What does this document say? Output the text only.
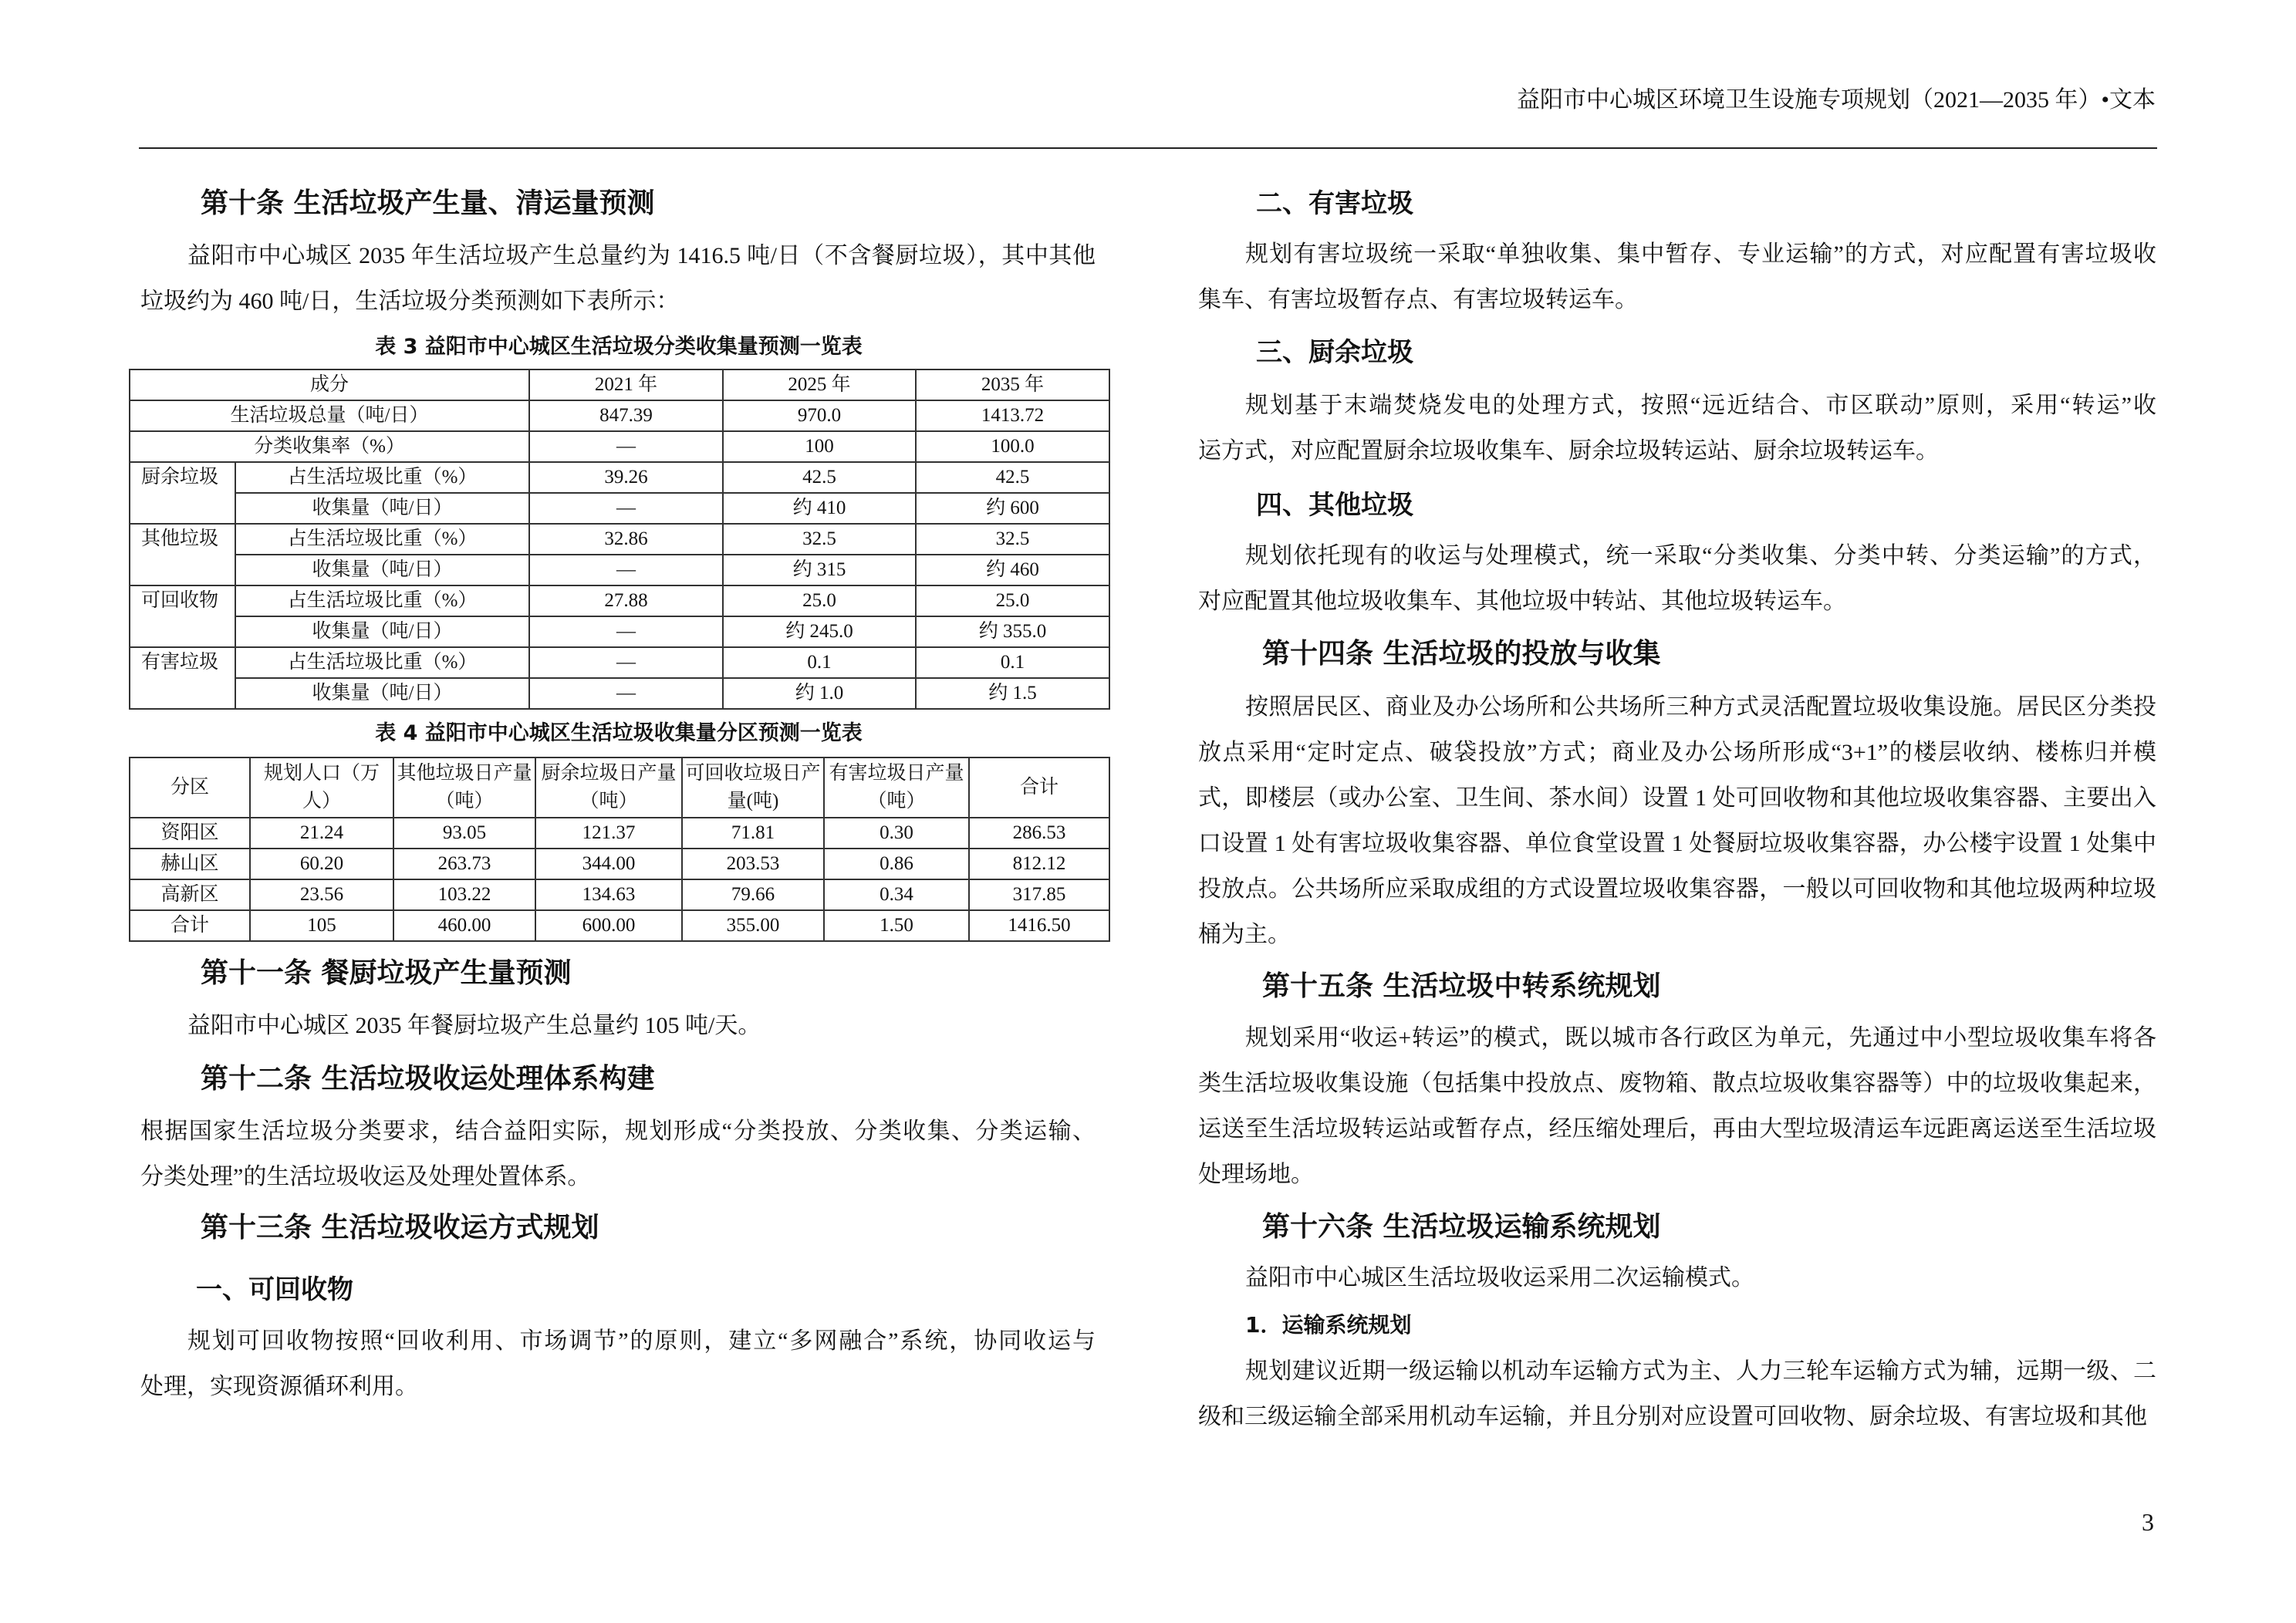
益阳市中心城区环境卫生设施专项规划（2021—2035 年）•文本
第十条 生活垃圾产生量、清运量预测
益阳市中心城区 2035 年生活垃圾产生总量约为 1416.5 吨/日（不含餐厨垃圾），其中其他
垃圾约为 460 吨/日，生活垃圾分类预测如下表所示：
表 3 益阳市中心城区生活垃圾分类收集量预测一览表
成分		2021 年	2025 年	2035 年
生活垃圾总量（吨/日）		847.39	970.0	1413.72
分类收集率（%）		—	100	100.0
厨余垃圾	占生活垃圾比重（%）	39.26	42.5	42.5
	收集量（吨/日）	—	约 410	约 600
其他垃圾	占生活垃圾比重（%）	32.86	32.5	32.5
	收集量（吨/日）	—	约 315	约 460
可回收物	占生活垃圾比重（%）	27.88	25.0	25.0
	收集量（吨/日）	—	约 245.0	约 355.0
有害垃圾	占生活垃圾比重（%）	—	0.1	0.1
	收集量（吨/日）	—	约 1.0	约 1.5
表 4 益阳市中心城区生活垃圾收集量分区预测一览表
分区	规划人口（万人）	其他垃圾日产量（吨）	厨余垃圾日产量（吨）	可回收垃圾日产量(吨)	有害垃圾日产量（吨）	合计
资阳区	21.24	93.05	121.37	71.81	0.30	286.53
赫山区	60.20	263.73	344.00	203.53	0.86	812.12
高新区	23.56	103.22	134.63	79.66	0.34	317.85
合计	105	460.00	600.00	355.00	1.50	1416.50
第十一条 餐厨垃圾产生量预测
益阳市中心城区 2035 年餐厨垃圾产生总量约 105 吨/天。
第十二条 生活垃圾收运处理体系构建
根据国家生活垃圾分类要求，结合益阳实际，规划形成“分类投放、分类收集、分类运输、
分类处理”的生活垃圾收运及处理处置体系。
第十三条 生活垃圾收运方式规划
一、可回收物
规划可回收物按照“回收利用、市场调节”的原则，建立“多网融合”系统，协同收运与
处理，实现资源循环利用。
二、有害垃圾
规划有害垃圾统一采取“单独收集、集中暂存、专业运输”的方式，对应配置有害垃圾收
集车、有害垃圾暂存点、有害垃圾转运车。
三、厨余垃圾
规划基于末端焚烧发电的处理方式，按照“远近结合、市区联动”原则，采用“转运”收
运方式，对应配置厨余垃圾收集车、厨余垃圾转运站、厨余垃圾转运车。
四、其他垃圾
规划依托现有的收运与处理模式，统一采取“分类收集、分类中转、分类运输”的方式，
对应配置其他垃圾收集车、其他垃圾中转站、其他垃圾转运车。
第十四条 生活垃圾的投放与收集
按照居民区、商业及办公场所和公共场所三种方式灵活配置垃圾收集设施。居民区分类投
放点采用“定时定点、破袋投放”方式；商业及办公场所形成“3+1”的楼层收纳、楼栋归并模
式，即楼层（或办公室、卫生间、茶水间）设置 1 处可回收物和其他垃圾收集容器、主要出入
口设置 1 处有害垃圾收集容器、单位食堂设置 1 处餐厨垃圾收集容器，办公楼宇设置 1 处集中
投放点。公共场所应采取成组的方式设置垃圾收集容器，一般以可回收物和其他垃圾两种垃圾
桶为主。
第十五条 生活垃圾中转系统规划
规划采用“收运+转运”的模式，既以城市各行政区为单元，先通过中小型垃圾收集车将各
类生活垃圾收集设施（包括集中投放点、废物箱、散点垃圾收集容器等）中的垃圾收集起来，
运送至生活垃圾转运站或暂存点，经压缩处理后，再由大型垃圾清运车远距离运送至生活垃圾
处理场地。
第十六条 生活垃圾运输系统规划
益阳市中心城区生活垃圾收运采用二次运输模式。
1．运输系统规划
规划建议近期一级运输以机动车运输方式为主、人力三轮车运输方式为辅，远期一级、二
级和三级运输全部采用机动车运输，并且分别对应设置可回收物、厨余垃圾、有害垃圾和其他
3
